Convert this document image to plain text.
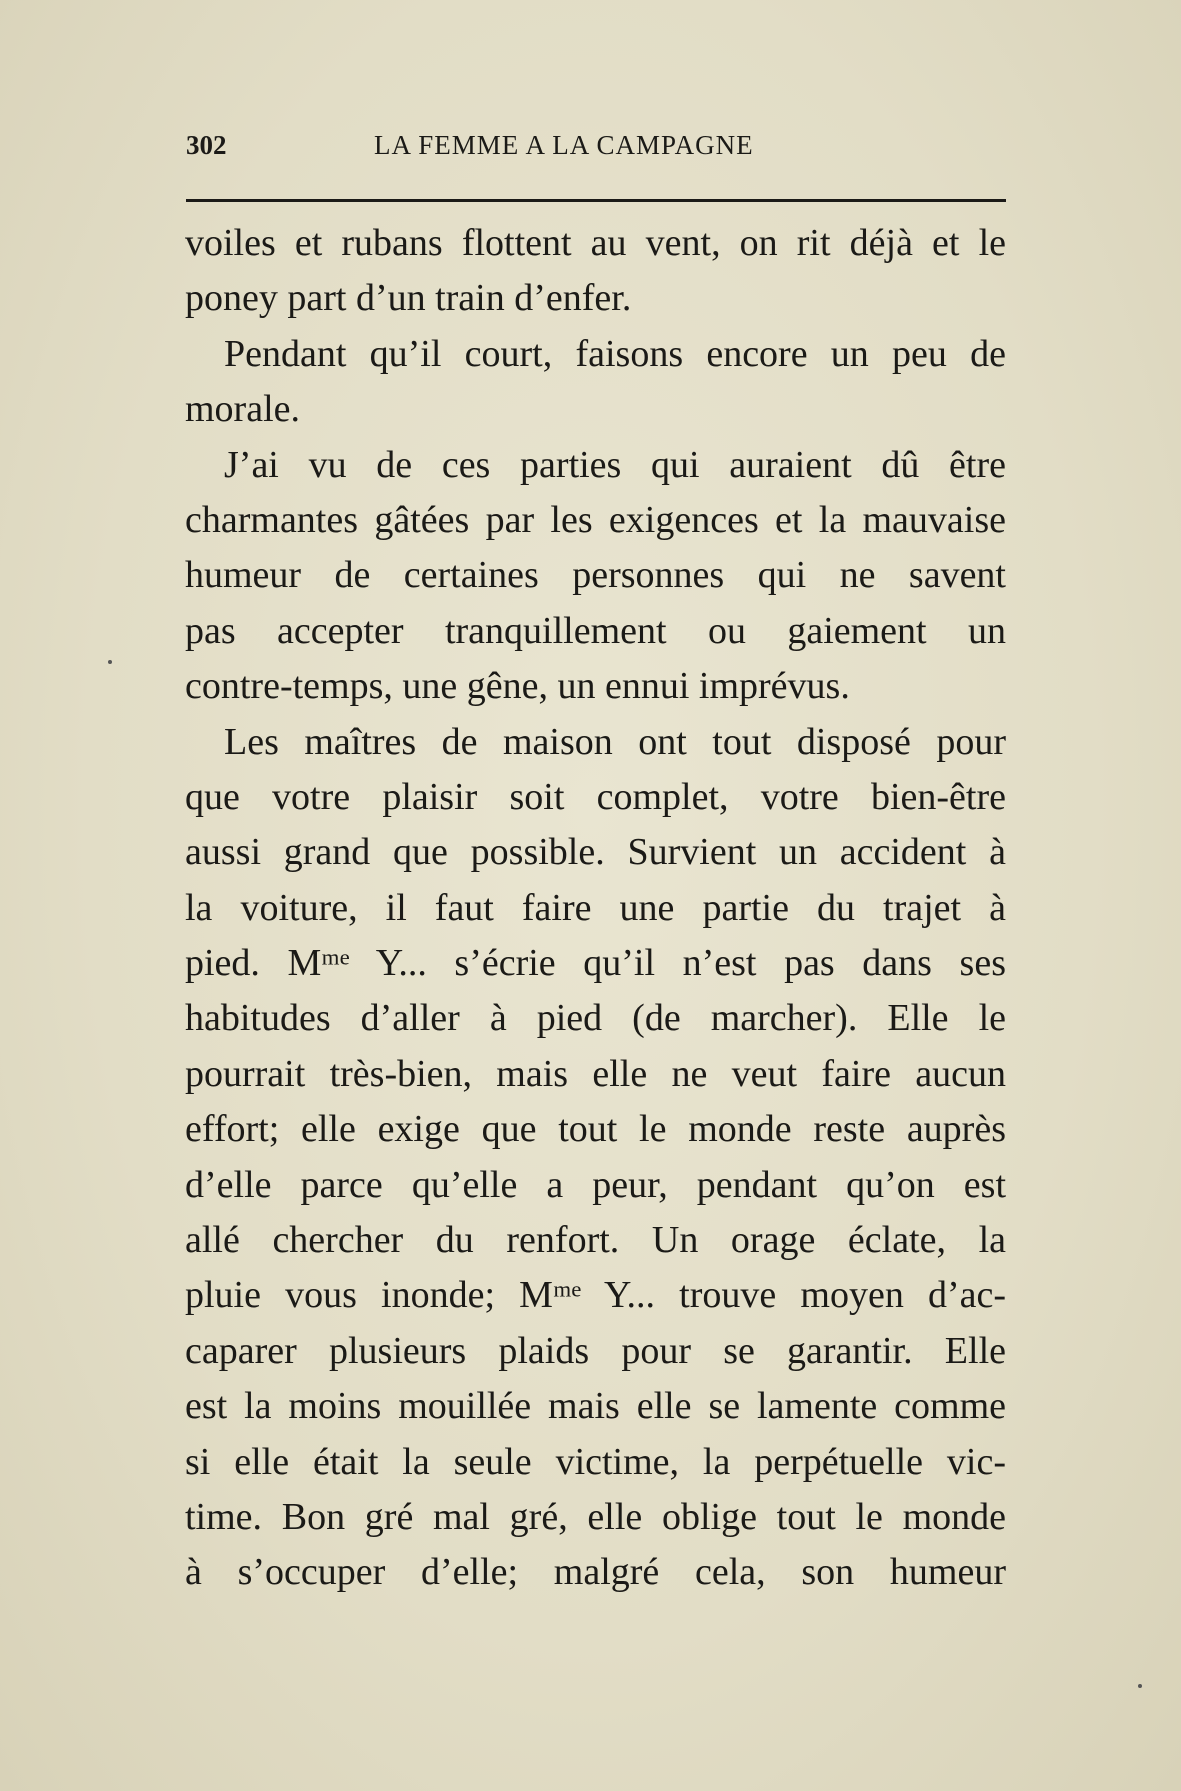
302	LA FEMME A LA CAMPAGNE
voiles et rubans flottent au vent, on rit déjà et le
poney part d’un train d’enfer.
Pendant qu’il court, faisons encore un peu de
morale.
J’ai vu de ces parties qui auraient dû être
charmantes gâtées par les exigences et la mauvaise
humeur de certaines personnes qui ne savent
pas accepter tranquillement ou gaiement un
contre-temps, une gêne, un ennui imprévus.
Les maîtres de maison ont tout disposé pour
que votre plaisir soit complet, votre bien-être
aussi grand que possible. Survient un accident à
la voiture, il faut faire une partie du trajet à
pied. Mᵐᵉ Y... s’écrie qu’il n’est pas dans ses
habitudes d’aller à pied (de marcher). Elle le
pourrait très-bien, mais elle ne veut faire aucun
effort; elle exige que tout le monde reste auprès
d’elle parce qu’elle a peur, pendant qu’on est
allé chercher du renfort. Un orage éclate, la
pluie vous inonde; Mᵐᵉ Y... trouve moyen d’ac-
caparer plusieurs plaids pour se garantir. Elle
est la moins mouillée mais elle se lamente comme
si elle était la seule victime, la perpétuelle vic-
time. Bon gré mal gré, elle oblige tout le monde
à s’occuper d’elle; malgré cela, son humeur
